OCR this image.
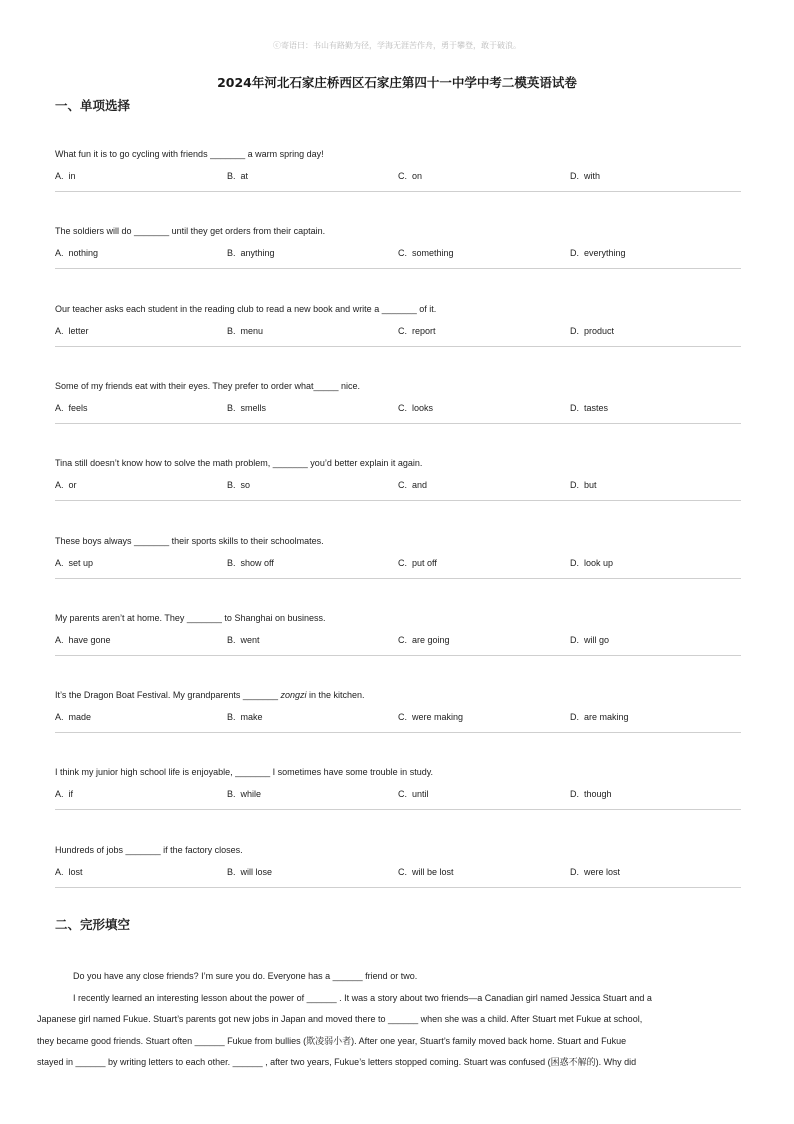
ⓒ寄语曰：书山有路勤为径，学海无涯苦作舟，勇于攀登，敢于破浪。
2024年河北石家庄桥西区石家庄第四十一中学中考二模英语试卷
一、单项选择
What fun it is to go cycling with friends _______ a warm spring day!
A. in	B. at	C. on	D. with
The soldiers will do _______ until they get orders from their captain.
A. nothing	B. anything	C. something	D. everything
Our teacher asks each student in the reading club to read a new book and write a _______ of it.
A. letter	B. menu	C. report	D. product
Some of my friends eat with their eyes. They prefer to order what_____ nice.
A. feels	B. smells	C. looks	D. tastes
Tina still doesn’t know how to solve the math problem, _______ you’d better explain it again.
A. or	B. so	C. and	D. but
These boys always _______ their sports skills to their schoolmates.
A. set up	B. show off	C. put off	D. look up
My parents aren’t at home. They _______ to Shanghai on business.
A. have gone	B. went	C. are going	D. will go
It’s the Dragon Boat Festival. My grandparents _______ zongzi in the kitchen.
A. made	B. make	C. were making	D. are making
I think my junior high school life is enjoyable, _______ I sometimes have some trouble in study.
A. if	B. while	C. until	D. though
Hundreds of jobs _______ if the factory closes.
A. lost	B. will lose	C. will be lost	D. were lost
二、完形填空

Do you have any close friends? I’m sure you do. Everyone has a ______ friend or two.

I recently learned an interesting lesson about the power of ______ . It was a story about two friends—a Canadian girl named Jessica Stuart and a
Japanese girl named Fukue. Stuart’s parents got new jobs in Japan and moved there to ______ when she was a child. After Stuart met Fukue at school,
they became good friends. Stuart often ______ Fukue from bullies (欺凌弱小者). After one year, Stuart’s family moved back home. Stuart and Fukue
stayed in ______ by writing letters to each other. ______ , after two years, Fukue’s letters stopped coming. Stuart was confused (困惑不解的). Why did
